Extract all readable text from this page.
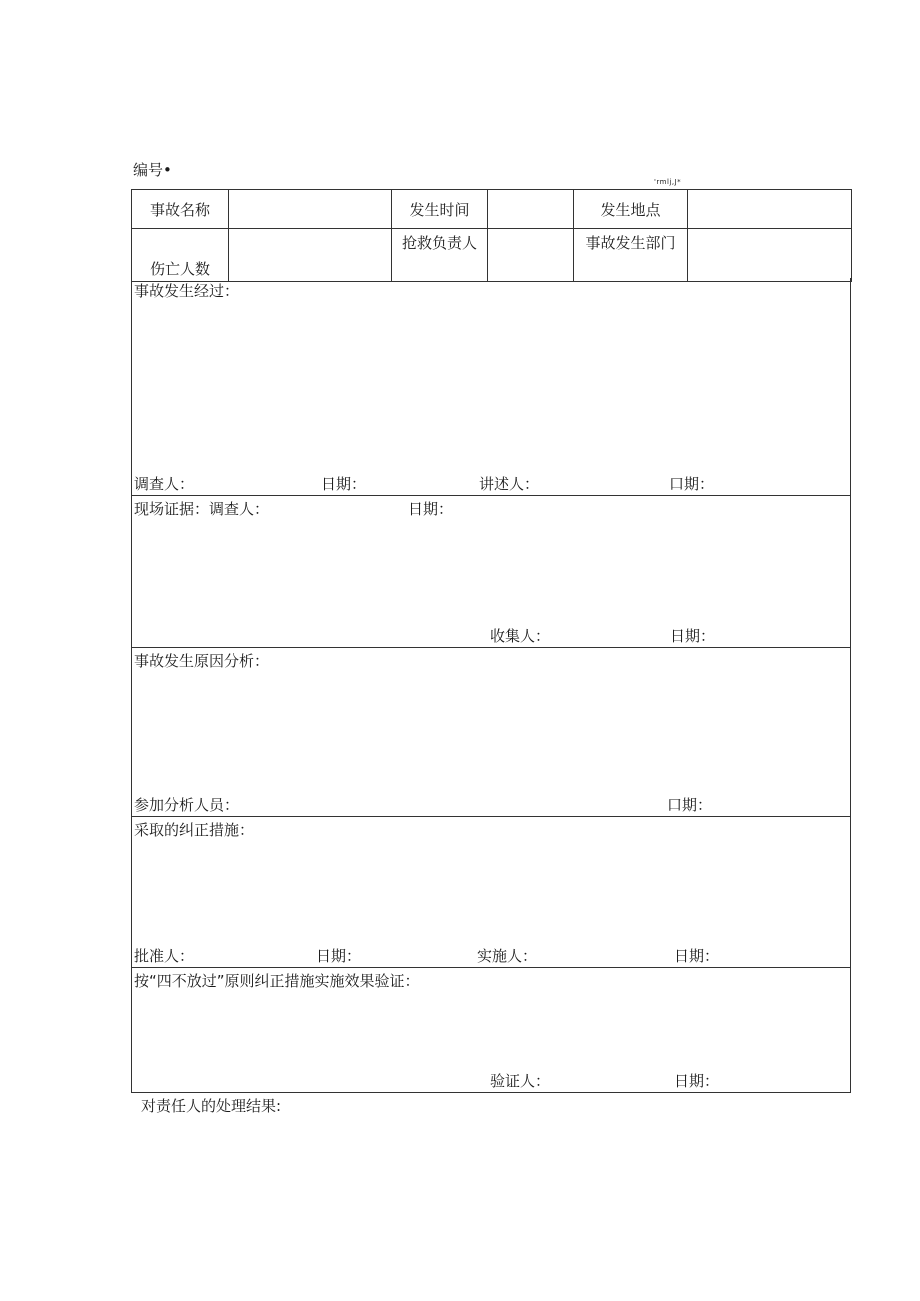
编号•
'rmlj,J*
事故名称		发生时间		发生地点	
伤亡人数		抢救负责人		事故发生部门	
事故发生经过：
调查人：	日期：	讲述人：	口期：
现场证据：调查人：	日期：
收集人：	日期：
事故发生原因分析：
参加分析人员：	口期：
采取的纠正措施：
批准人：	日期：	实施人：	日期：
按“四不放过”原则纠正措施实施效果验证：
验证人：	日期：
对责任人的处理结果:
